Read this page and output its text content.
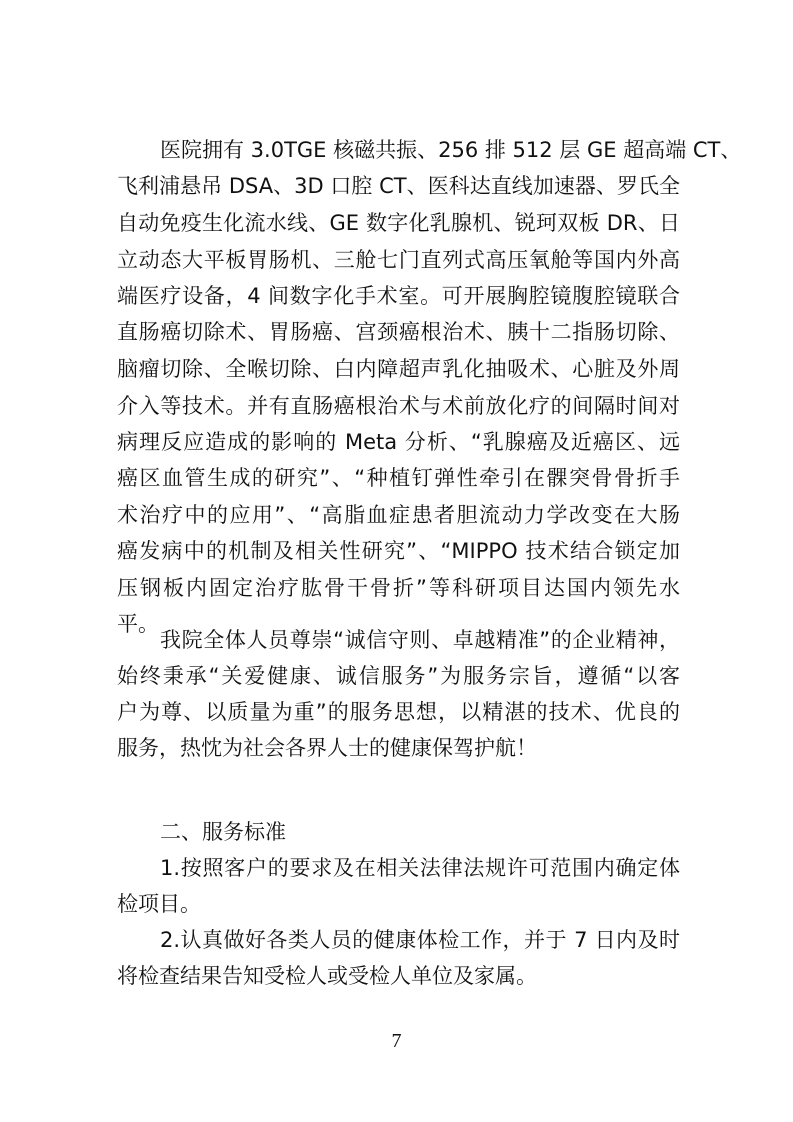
医院拥有 3.0TGE 核磁共振、256 排 512 层 GE 超高端 CT、
飞利浦悬吊 DSA、3D 口腔 CT、医科达直线加速器、罗氏全
自动免疫生化流水线、GE 数字化乳腺机、锐珂双板 DR、日
立动态大平板胃肠机、三舱七门直列式高压氧舱等国内外高
端医疗设备，4 间数字化手术室。可开展胸腔镜腹腔镜联合
直肠癌切除术、胃肠癌、宫颈癌根治术、胰十二指肠切除、
脑瘤切除、全喉切除、白内障超声乳化抽吸术、心脏及外周
介入等技术。并有直肠癌根治术与术前放化疗的间隔时间对
病理反应造成的影响的 Meta 分析、“乳腺癌及近癌区、远
癌区血管生成的研究”、“种植钉弹性牵引在髁突骨骨折手
术治疗中的应用”、“高脂血症患者胆流动力学改变在大肠
癌发病中的机制及相关性研究”、“MIPPO 技术结合锁定加
压钢板内固定治疗肱骨干骨折”等科研项目达国内领先水
平。
我院全体人员尊崇“诚信守则、卓越精准”的企业精神，
始终秉承“关爱健康、诚信服务”为服务宗旨，遵循“以客
户为尊、以质量为重”的服务思想，以精湛的技术、优良的
服务，热忱为社会各界人士的健康保驾护航！
二、服务标准
1.按照客户的要求及在相关法律法规许可范围内确定体
检项目。
2.认真做好各类人员的健康体检工作，并于 7 日内及时
将检查结果告知受检人或受检人单位及家属。
7
